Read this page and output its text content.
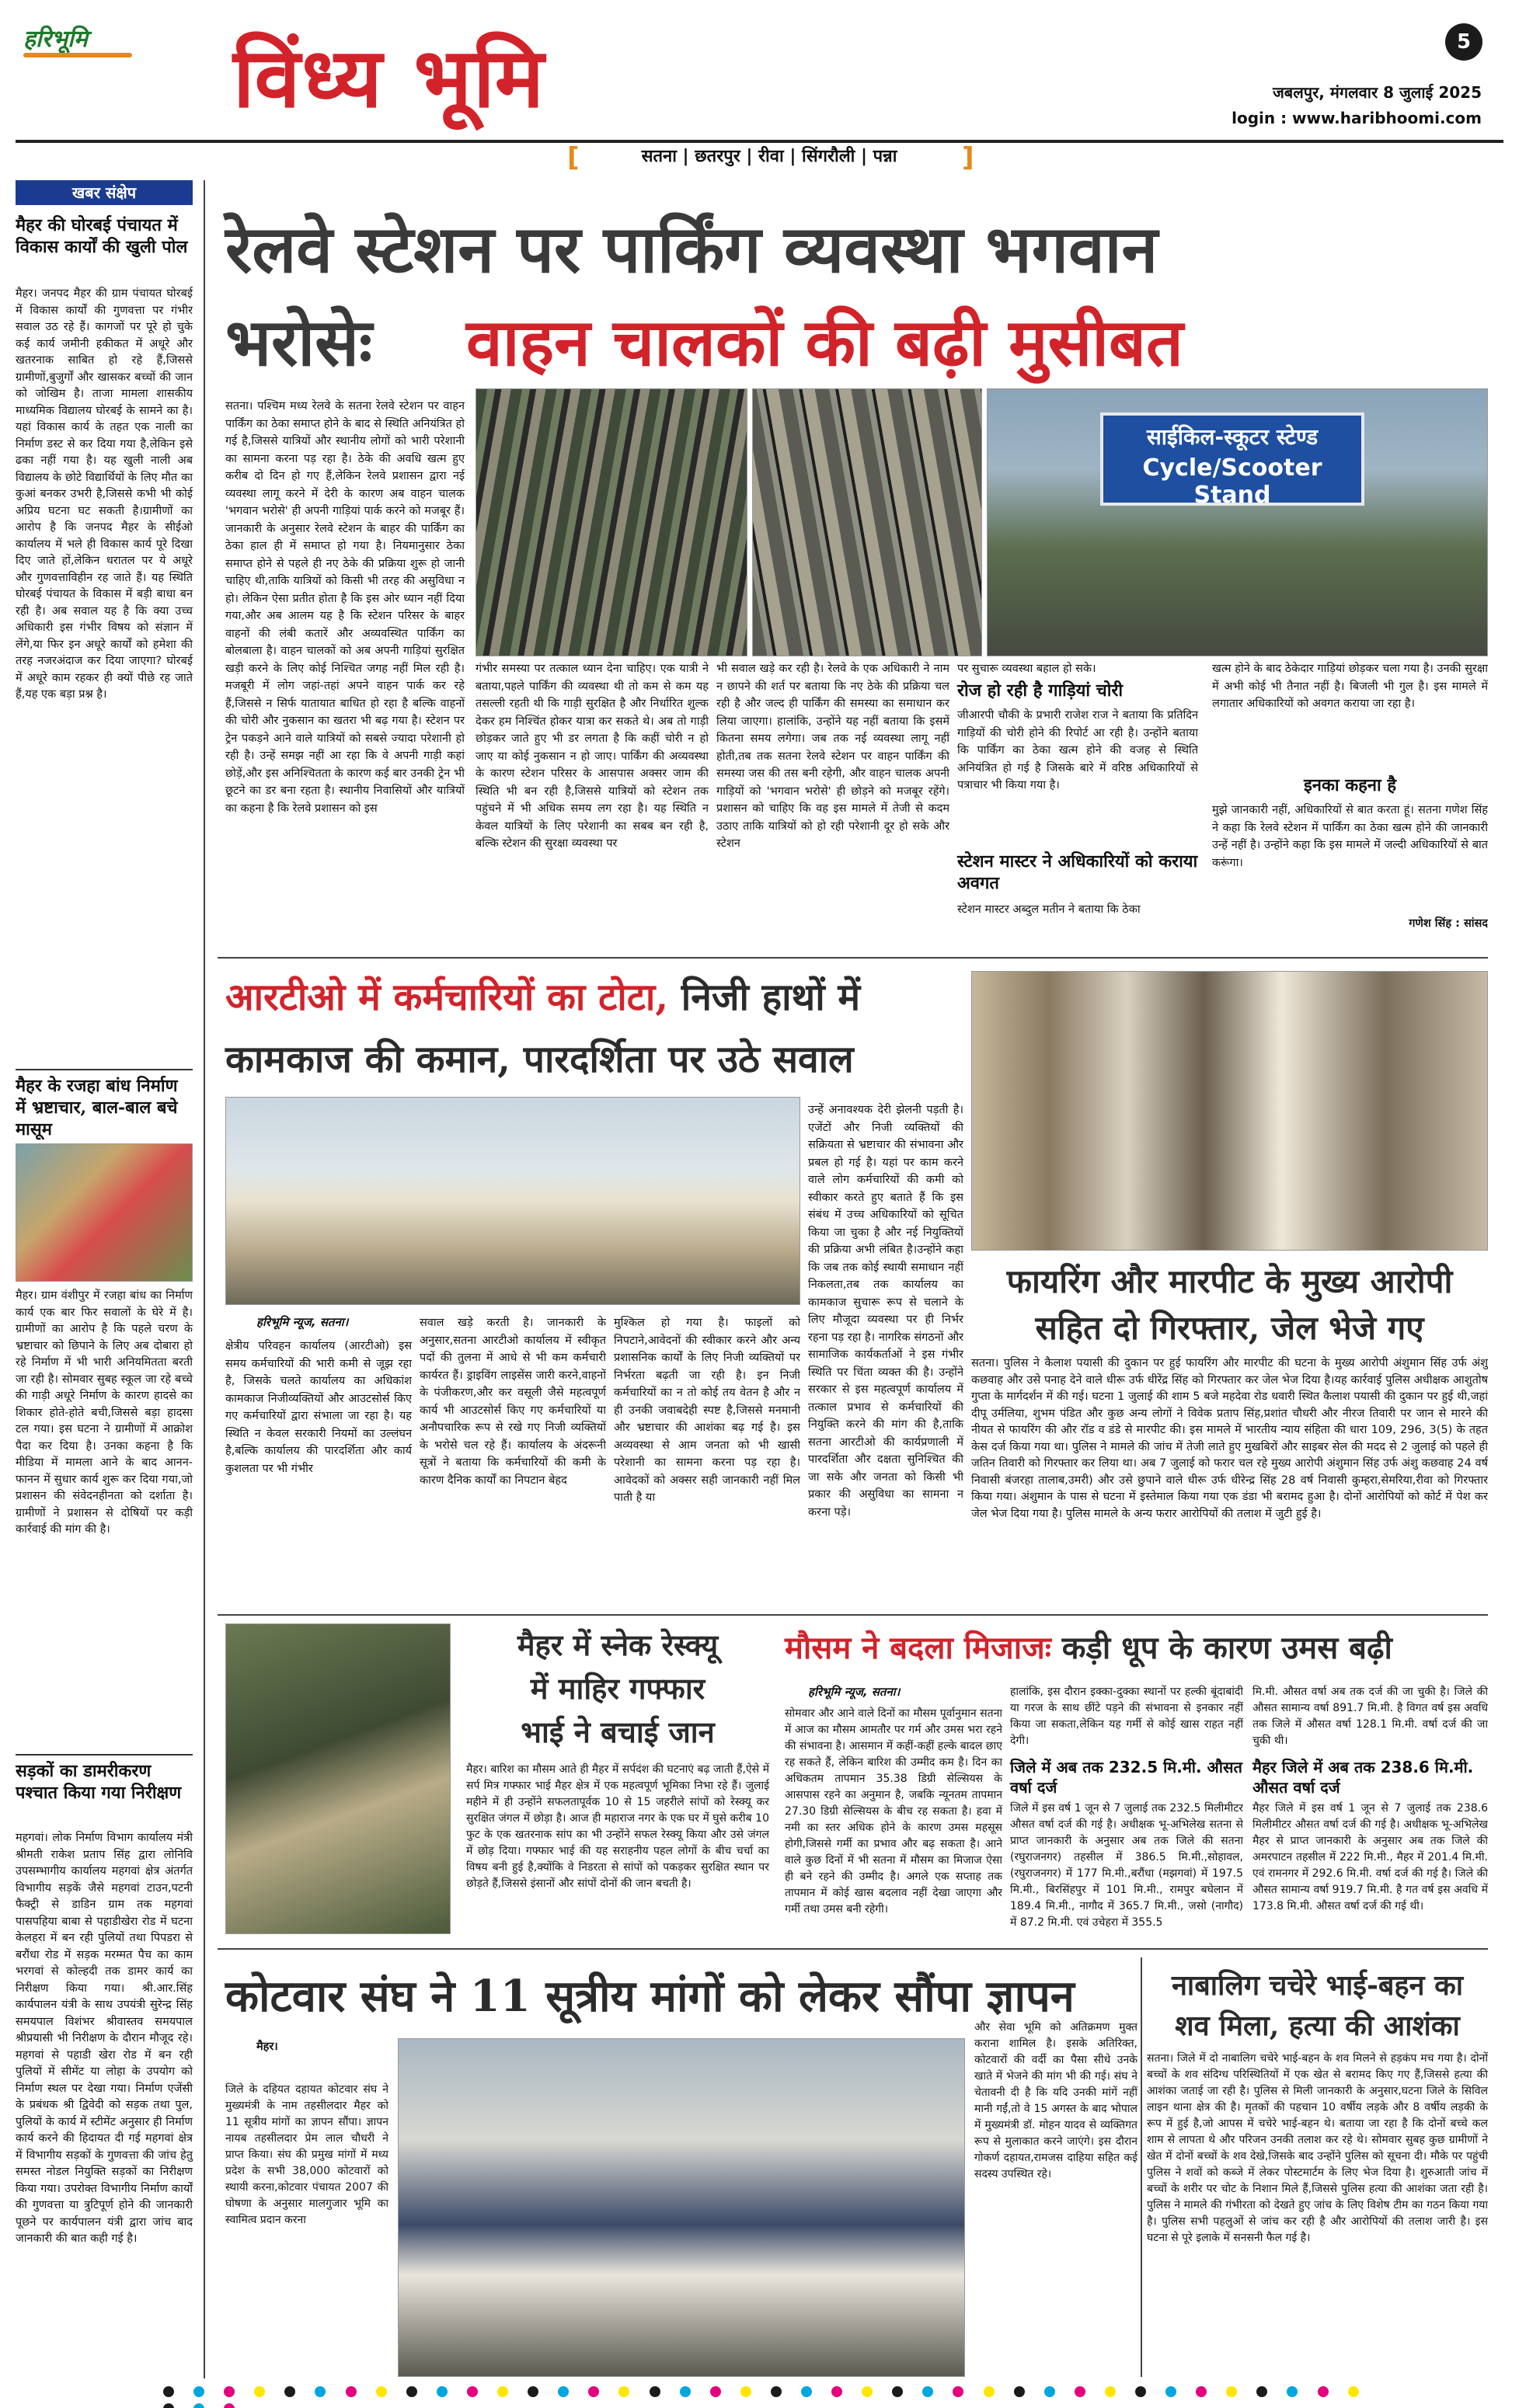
हरिभूमि विंध्य भूमि	5
जबलपुर, मंगलवार 8 जुलाई 2025
login : www.haribhoomi.com
[	सतना | छतरपुर | रीवा | सिंगरौली | पन्ना	]
खबर संक्षेप
मैहर की घोरबई पंचायत में विकास कार्यों की खुली पोल
मैहर। जनपद मैहर की ग्राम पंचायत घोरबई में विकास कार्यों की गुणवत्ता पर गंभीर सवाल उठ रहे हैं। कागजों पर पूरे हो चुके कई कार्य जमीनी हकीकत में अधूरे और खतरनाक साबित हो रहे हैं,जिससे ग्रामीणों,बुजुर्गों और खासकर बच्चों की जान को जोखिम है। ताजा मामला शासकीय माध्यमिक विद्यालय घोरबई के सामने का है। यहां विकास कार्य के तहत एक नाली का निर्माण डस्ट से कर दिया गया है,लेकिन इसे ढका नहीं गया है। यह खुली नाली अब विद्यालय के छोटे विद्यार्थियों के लिए मौत का कुआं बनकर उभरी है,जिससे कभी भी कोई अप्रिय घटना घट सकती है।ग्रामीणों का आरोप है कि जनपद मैहर के सीईओ कार्यालय में भले ही विकास कार्य पूरे दिखा दिए जाते हों,लेकिन धरातल पर ये अधूरे और गुणवत्ताविहीन रह जाते हैं। यह स्थिति घोरबई पंचायत के विकास में बड़ी बाधा बन रही है। अब सवाल यह है कि क्या उच्च अधिकारी इस गंभीर विषय को संज्ञान में लेंगे,या फिर इन अधूरे कार्यों को हमेशा की तरह नजरअंदाज कर दिया जाएगा? घोरबई में अधूरे काम रहकर ही क्यों पीछे रह जाते हैं,यह एक बड़ा प्रश्न है।
मैहर के रजहा बांध निर्माण में भ्रष्टाचार, बाल-बाल बचे मासूम
मैहर। ग्राम वंशीपुर में रजहा बांध का निर्माण कार्य एक बार फिर सवालों के घेरे में है। ग्रामीणों का आरोप है कि पहले चरण के भ्रष्टाचार को छिपाने के लिए अब दोबारा हो रहे निर्माण में भी भारी अनियमितता बरती जा रही है। सोमवार सुबह स्कूल जा रहे बच्चे की गाड़ी अधूरे निर्माण के कारण हादसे का शिकार होते-होते बची,जिससे बड़ा हादसा टल गया। इस घटना ने ग्रामीणों में आक्रोश पैदा कर दिया है। उनका कहना है कि मीडिया में मामला आने के बाद आनन-फानन में सुधार कार्य शुरू कर दिया गया,जो प्रशासन की संवेदनहीनता को दर्शाता है। ग्रामीणों ने प्रशासन से दोषियों पर कड़ी कार्रवाई की मांग की है।
सड़कों का डामरीकरण पश्चात किया गया निरीक्षण
महगवां। लोक निर्माण विभाग कार्यालय मंत्री श्रीमती राकेश प्रताप सिंह द्वारा लोनिवि उपसम्भागीय कार्यालय महगवां क्षेत्र अंतर्गत विभागीय सड़कें जैसे महगवां टाउन,पटनी फैक्ट्री से डाडिन ग्राम तक महगवां पासपहिया बाबा से पहाडीखेरा रोड में घटना केलहरा में बन रही पुलियों तथा पिपडरा से बरौंधा रोड में सड़क मरम्मत पैच का काम भरगवां से कोल्हदी तक डामर कार्य का निरीक्षण किया गया। श्री.आर.सिंह कार्यपालन यंत्री के साथ उपयंत्री सुरेन्द्र सिंह समयपाल विशंभर श्रीवास्तव समयपाल श्रीप्रयासी भी निरीक्षण के दौरान मौजूद रहे। महगवां से पहाडी खेरा रोड में बन रही पुलियों में सीमेंट या लोहा के उपयोग को निर्माण स्थल पर देखा गया। निर्माण एजेंसी के प्रबंधक श्री द्विवेदी को सड़क तथा पुल, पुलियों के कार्य में स्टीमेंट अनुसार ही निर्माण कार्य करने की हिदायत दी गई महगवां क्षेत्र में विभागीय सड़कों के गुणवत्ता की जांच हेतु समस्त नोडल नियुक्ति सड़कों का निरीक्षण किया गया। उपरोक्त विभागीय निर्माण कार्यों की गुणवत्ता या त्रुटिपूर्ण होने की जानकारी पूछने पर कार्यपालन यंत्री द्वारा जांच बाद जानकारी की बात कही गई है।
रेलवे स्टेशन पर पार्किंग व्यवस्था भगवान
भरोसेः वाहन चालकों की बढ़ी मुसीबत
सतना। पश्चिम मध्य रेलवे के सतना रेलवे स्टेशन पर वाहन पार्किंग का ठेका समाप्त होने के बाद से स्थिति अनियंत्रित हो गई है,जिससे यात्रियों और स्थानीय लोगों को भारी परेशानी का सामना करना पड़ रहा है। ठेके की अवधि खत्म हुए करीब दो दिन हो गए हैं,लेकिन रेलवे प्रशासन द्वारा नई व्यवस्था लागू करने में देरी के कारण अब वाहन चालक 'भगवान भरोसे' ही अपनी गाड़ियां पार्क करने को मजबूर हैं। जानकारी के अनुसार रेलवे स्टेशन के बाहर की पार्किंग का ठेका हाल ही में समाप्त हो गया है। नियमानुसार ठेका समाप्त होने से पहले ही नए ठेके की प्रक्रिया शुरू हो जानी चाहिए थी,ताकि यात्रियों को किसी भी तरह की असुविधा न हो। लेकिन ऐसा प्रतीत होता है कि इस ओर ध्यान नहीं दिया गया,और अब आलम यह है कि स्टेशन परिसर के बाहर वाहनों की लंबी कतारें और अव्यवस्थित पार्किंग का बोलबाला है। वाहन चालकों को अब अपनी गाड़ियां सुरक्षित खड़ी करने के लिए कोई निश्चित जगह नहीं मिल रही है। मजबूरी में लोग जहां-तहां अपने वाहन पार्क कर रहे हैं,जिससे न सिर्फ यातायात बाधित हो रहा है बल्कि वाहनों की चोरी और नुकसान का खतरा भी बढ़ गया है। स्टेशन पर ट्रेन पकड़ने आने वाले यात्रियों को सबसे ज्यादा परेशानी हो रही है। उन्हें समझ नहीं आ रहा कि वे अपनी गाड़ी कहां छोड़ें,और इस अनिश्चितता के कारण कई बार उनकी ट्रेन भी छूटने का डर बना रहता है। स्थानीय निवासियों और यात्रियों का कहना है कि रेलवे प्रशासन को इस
साईकिल-स्कूटर स्टेण्ड
Cycle/Scooter Stand
गंभीर समस्या पर तत्काल ध्यान देना चाहिए। एक यात्री ने बताया,पहले पार्किंग की व्यवस्था थी तो कम से कम यह तसल्ली रहती थी कि गाड़ी सुरक्षित है और निर्धारित शुल्क देकर हम निश्चिंत होकर यात्रा कर सकते थे। अब तो गाड़ी छोड़कर जाते हुए भी डर लगता है कि कहीं चोरी न हो जाए या कोई नुकसान न हो जाए। पार्किंग की अव्यवस्था के कारण स्टेशन परिसर के आसपास अक्सर जाम की स्थिति भी बन रही है,जिससे यात्रियों को स्टेशन तक पहुंचने में भी अधिक समय लग रहा है। यह स्थिति न केवल यात्रियों के लिए परेशानी का सबब बन रही है, बल्कि स्टेशन की सुरक्षा व्यवस्था पर
भी सवाल खड़े कर रही है। रेलवे के एक अधिकारी ने नाम न छापने की शर्त पर बताया कि नए ठेके की प्रक्रिया चल रही है और जल्द ही पार्किंग की समस्या का समाधान कर लिया जाएगा। हालांकि, उन्होंने यह नहीं बताया कि इसमें कितना समय लगेगा। जब तक नई व्यवस्था लागू नहीं होती,तब तक सतना रेलवे स्टेशन पर वाहन पार्किंग की समस्या जस की तस बनी रहेगी, और वाहन चालक अपनी गाड़ियों को 'भगवान भरोसे' ही छोड़ने को मजबूर रहेंगे। प्रशासन को चाहिए कि वह इस मामले में तेजी से कदम उठाए ताकि यात्रियों को हो रही परेशानी दूर हो सके और स्टेशन
पर सुचारू व्यवस्था बहाल हो सके।
रोज हो रही है गाड़ियां चोरी
जीआरपी चौकी के प्रभारी राजेश राज ने बताया कि प्रतिदिन गाड़ियों की चोरी होने की रिपोर्ट आ रही है। उन्होंने बताया कि पार्किंग का ठेका खत्म होने की वजह से स्थिति अनियंत्रित हो गई है जिसके बारे में वरिष्ठ अधिकारियों से पत्राचार भी किया गया है।
स्टेशन मास्टर ने अधिकारियों को कराया अवगत
स्टेशन मास्टर अब्दुल मतीन ने बताया कि ठेका
खत्म होने के बाद ठेकेदार गाड़ियां छोड़कर चला गया है। उनकी सुरक्षा में अभी कोई भी तैनात नहीं है। बिजली भी गुल है। इस मामले में लगातार अधिकारियों को अवगत कराया जा रहा है।
इनका कहना है
मुझे जानकारी नहीं, अधिकारियों से बात करता हूं। सतना गणेश सिंह ने कहा कि रेलवे स्टेशन में पार्किंग का ठेका खत्म होने की जानकारी उन्हें नहीं है। उन्होंने कहा कि इस मामले में जल्दी अधिकारियों से बात करूंगा।
गणेश सिंह : सांसद
आरटीओ में कर्मचारियों का टोटा, निजी हाथों में
कामकाज की कमान, पारदर्शिता पर उठे सवाल
हरिभूमि न्यूज, सतना।
क्षेत्रीय परिवहन कार्यालय (आरटीओ) इस समय कर्मचारियों की भारी कमी से जूझ रहा है, जिसके चलते कार्यालय का अधिकांश कामकाज निजीव्यक्तियों और आउटसोर्स किए गए कर्मचारियों द्वारा संभाला जा रहा है। यह स्थिति न केवल सरकारी नियमों का उल्लंघन है,बल्कि कार्यालय की पारदर्शिता और कार्य कुशलता पर भी गंभीर
सवाल खड़े करती है। जानकारी के अनुसार,सतना आरटीओ कार्यालय में स्वीकृत पदों की तुलना में आधे से भी कम कर्मचारी कार्यरत हैं। ड्राइविंग लाइसेंस जारी करने,वाहनों के पंजीकरण,और कर वसूली जैसे महत्वपूर्ण कार्य भी आउटसोर्स किए गए कर्मचारियों या अनौपचारिक रूप से रखे गए निजी व्यक्तियों के भरोसे चल रहे हैं। कार्यालय के अंदरूनी सूत्रों ने बताया कि कर्मचारियों की कमी के कारण दैनिक कार्यों का निपटान बेहद
मुश्किल हो गया है। फाइलों को निपटाने,आवेदनों की स्वीकार करने और अन्य प्रशासनिक कार्यों के लिए निजी व्यक्तियों पर निर्भरता बढ़ती जा रही है। इन निजी कर्मचारियों का न तो कोई तय वेतन है और न ही उनकी जवाबदेही स्पष्ट है,जिससे मनमानी और भ्रष्टाचार की आशंका बढ़ गई है। इस अव्यवस्था से आम जनता को भी खासी परेशानी का सामना करना पड़ रहा है। आवेदकों को अक्सर सही जानकारी नहीं मिल पाती है या
उन्हें अनावश्यक देरी झेलनी पड़ती है। एजेंटों और निजी व्यक्तियों की सक्रियता से भ्रष्टाचार की संभावना और प्रबल हो गई है। यहां पर काम करने वाले लोग कर्मचारियों की कमी को स्वीकार करते हुए बताते हैं कि इस संबंध में उच्च अधिकारियों को सूचित किया जा चुका है और नई नियुक्तियों की प्रक्रिया अभी लंबित है।उन्होंने कहा कि जब तक कोई स्थायी समाधान नहीं निकलता,तब तक कार्यालय का कामकाज सुचारू रूप से चलाने के लिए मौजूदा व्यवस्था पर ही निर्भर रहना पड़ रहा है। नागरिक संगठनों और सामाजिक कार्यकर्ताओं ने इस गंभीर स्थिति पर चिंता व्यक्त की है। उन्होंने सरकार से इस महत्वपूर्ण कार्यालय में तत्काल प्रभाव से कर्मचारियों की नियुक्ति करने की मांग की है,ताकि सतना आरटीओ की कार्यप्रणाली में पारदर्शिता और दक्षता सुनिश्चित की जा सके और जनता को किसी भी प्रकार की असुविधा का सामना न करना पड़े।
फायरिंग और मारपीट के मुख्य आरोपी
सहित दो गिरफ्तार, जेल भेजे गए
सतना। पुलिस ने कैलाश पयासी की दुकान पर हुई फायरिंग और मारपीट की घटना के मुख्य आरोपी अंशुमान सिंह उर्फ अंशु कछवाह और उसे पनाह देने वाले धीरू उर्फ धीरेंद्र सिंह को गिरफ्तार कर जेल भेज दिया है।यह कार्रवाई पुलिस अधीक्षक आशुतोष गुप्ता के मार्गदर्शन में की गई। घटना 1 जुलाई की शाम 5 बजे महदेवा रोड धवारी स्थित कैलाश पयासी की दुकान पर हुई थी,जहां दीपू उर्मलिया, शुभम पंडित और कुछ अन्य लोगों ने विवेक प्रताप सिंह,प्रशांत चौधरी और नीरज तिवारी पर जान से मारने की नीयत से फायरिंग की और रॉड व डंडे से मारपीट की। इस मामले में भारतीय न्याय संहिता की धारा 109, 296, 3(5) के तहत केस दर्ज किया गया था। पुलिस ने मामले की जांच में तेजी लाते हुए मुखबिरों और साइबर सेल की मदद से 2 जुलाई को पहले ही जतिन तिवारी को गिरफ्तार कर लिया था। अब 7 जुलाई को फरार चल रहे मुख्य आरोपी अंशुमान सिंह उर्फ अंशु कछवाह 24 वर्ष निवासी बंजरहा तालाब,उमरी) और उसे छुपाने वाले धीरू उर्फ धीरेन्द्र सिंह 28 वर्ष निवासी कुम्हरा,सेमरिया,रीवा को गिरफ्तार किया गया। अंशुमान के पास से घटना में इस्तेमाल किया गया एक डंडा भी बरामद हुआ है। दोनों आरोपियों को कोर्ट में पेश कर जेल भेज दिया गया है। पुलिस मामले के अन्य फरार आरोपियों की तलाश में जुटी हुई है।
मैहर में स्नेक रेस्क्यू
में माहिर गफ्फार
भाई ने बचाई जान
मैहर। बारिश का मौसम आते ही मैहर में सर्पदंश की घटनाएं बढ़ जाती हैं,ऐसे में सर्प मित्र गफ्फार भाई मैहर क्षेत्र में एक महत्वपूर्ण भूमिका निभा रहे हैं। जुलाई महीने में ही उन्होंने सफलतापूर्वक 10 से 15 जहरीले सांपों को रेस्क्यू कर सुरक्षित जंगल में छोड़ा है। आज ही महाराज नगर के एक घर में घुसे करीब 10 फुट के एक खतरनाक सांप का भी उन्होंने सफल रेस्क्यू किया और उसे जंगल में छोड़ दिया। गफ्फार भाई की यह सराहनीय पहल लोगों के बीच चर्चा का विषय बनी हुई है,क्योंकि वे निडरता से सांपों को पकड़कर सुरक्षित स्थान पर छोड़ते हैं,जिससे इंसानों और सांपों दोनों की जान बचती है।
मौसम ने बदला मिजाजः कड़ी धूप के कारण उमस बढ़ी
हरिभूमि न्यूज, सतना।
सोमवार और आने वाले दिनों का मौसम पूर्वानुमान सतना में आज का मौसम आमतौर पर गर्म और उमस भरा रहने की संभावना है। आसमान में कहीं-कहीं हल्के बादल छाए रह सकते हैं, लेकिन बारिश की उम्मीद कम है। दिन का अधिकतम तापमान 35.38 डिग्री सेल्सियस के आसपास रहने का अनुमान है, जबकि न्यूनतम तापमान 27.30 डिग्री सेल्सियस के बीच रह सकता है। हवा में नमी का स्तर अधिक होने के कारण उमस महसूस होगी,जिससे गर्मी का प्रभाव और बढ़ सकता है। आने वाले कुछ दिनों में भी सतना में मौसम का मिजाज ऐसा ही बने रहने की उम्मीद है। अगले एक सप्ताह तक तापमान में कोई खास बदलाव नहीं देखा जाएगा और गर्मी तथा उमस बनी रहेगी।
हालांकि, इस दौरान इक्का-दुक्का स्थानों पर हल्की बूंदाबांदी या गरज के साथ छींटे पड़ने की संभावना से इनकार नहीं किया जा सकता,लेकिन यह गर्मी से कोई खास राहत नहीं देगी।
जिले में अब तक 232.5 मि.मी. औसत वर्षा दर्ज
जिले में इस वर्ष 1 जून से 7 जुलाई तक 232.5 मिलीमीटर औसत वर्षा दर्ज की गई है। अधीक्षक भू-अभिलेख सतना से प्राप्त जानकारी के अनुसार अब तक जिले की सतना (रघुराजनगर) तहसील में 386.5 मि.मी.,सोहावल,(रघुराजनगर) में 177 मि.मी.,बरौंधा (मझगवां) में 197.5 मि.मी., बिरसिंहपुर में 101 मि.मी., रामपुर बघेलान में 189.4 मि.मी., नागौद में 365.7 मि.मी., जसो (नागौद) में 87.2 मि.मी. एवं उचेहरा में 355.5
मि.मी. औसत वर्षा अब तक दर्ज की जा चुकी है। जिले की औसत सामान्य वर्षा 891.7 मि.मी. है विगत वर्ष इस अवधि तक जिले में औसत वर्षा 128.1 मि.मी. वर्षा दर्ज की जा चुकी थी।
मैहर जिले में अब तक 238.6 मि.मी. औसत वर्षा दर्ज
मैहर जिले में इस वर्ष 1 जून से 7 जुलाई तक 238.6 मिलीमीटर औसत वर्षा दर्ज की गई है। अधीक्षक भू-अभिलेख मैहर से प्राप्त जानकारी के अनुसार अब तक जिले की अमरपाटन तहसील में 222 मि.मी., मैहर में 201.4 मि.मी. एवं रामनगर में 292.6 मि.मी. वर्षा दर्ज की गई है। जिले की औसत सामान्य वर्षा 919.7 मि.मी. है गत वर्ष इस अवधि में 173.8 मि.मी. औसत वर्षा दर्ज की गई थी।
कोटवार संघ ने 11 सूत्रीय मांगों को लेकर सौंपा ज्ञापन
मैहर।
जिले के दहियत दहायत कोटवार संघ ने मुख्यमंत्री के नाम तहसीलदार मैहर को 11 सूत्रीय मांगों का ज्ञापन सौंपा। ज्ञापन नायब तहसीलदार प्रेम लाल चौधरी ने प्राप्त किया। संघ की प्रमुख मांगों में मध्य प्रदेश के सभी 38,000 कोटवारों को स्थायी करना,कोटवार पंचायत 2007 की घोषणा के अनुसार मालगुजार भूमि का स्वामित्व प्रदान करना
और सेवा भूमि को अतिक्रमण मुक्त कराना शामिल है। इसके अतिरिक्त, कोटवारों की वर्दी का पैसा सीधे उनके खाते में भेजने की मांग भी की गई। संघ ने चेतावनी दी है कि यदि उनकी मांगें नहीं मानी गईं,तो वे 15 अगस्त के बाद भोपाल में मुख्यमंत्री डॉ. मोहन यादव से व्यक्तिगत रूप से मुलाकात करने जाएंगे। इस दौरान गोकर्ण दहायत,रामजस दाहिया सहित कई सदस्य उपस्थित रहे।
नाबालिग चचेरे भाई-बहन का
शव मिला, हत्या की आशंका
सतना। जिले में दो नाबालिग चचेरे भाई-बहन के शव मिलने से हड़कंप मच गया है। दोनों बच्चों के शव संदिग्ध परिस्थितियों में एक खेत से बरामद किए गए हैं,जिससे हत्या की आशंका जताई जा रही है। पुलिस से मिली जानकारी के अनुसार,घटना जिले के सिविल लाइन थाना क्षेत्र की है। मृतकों की पहचान 10 वर्षीय लड़के और 8 वर्षीय लड़की के रूप में हुई है,जो आपस में चचेरे भाई-बहन थे। बताया जा रहा है कि दोनों बच्चे कल शाम से लापता थे और परिजन उनकी तलाश कर रहे थे। सोमवार सुबह कुछ ग्रामीणों ने खेत में दोनों बच्चों के शव देखे,जिसके बाद उन्होंने पुलिस को सूचना दी। मौके पर पहुंची पुलिस ने शवों को कब्जे में लेकर पोस्टमार्टम के लिए भेज दिया है। शुरुआती जांच में बच्चों के शरीर पर चोट के निशान मिले हैं,जिससे पुलिस हत्या की आशंका जता रही है। पुलिस ने मामले की गंभीरता को देखते हुए जांच के लिए विशेष टीम का गठन किया गया है। पुलिस सभी पहलुओं से जांच कर रही है और आरोपियों की तलाश जारी है। इस घटना से पूरे इलाके में सनसनी फैल गई है।
